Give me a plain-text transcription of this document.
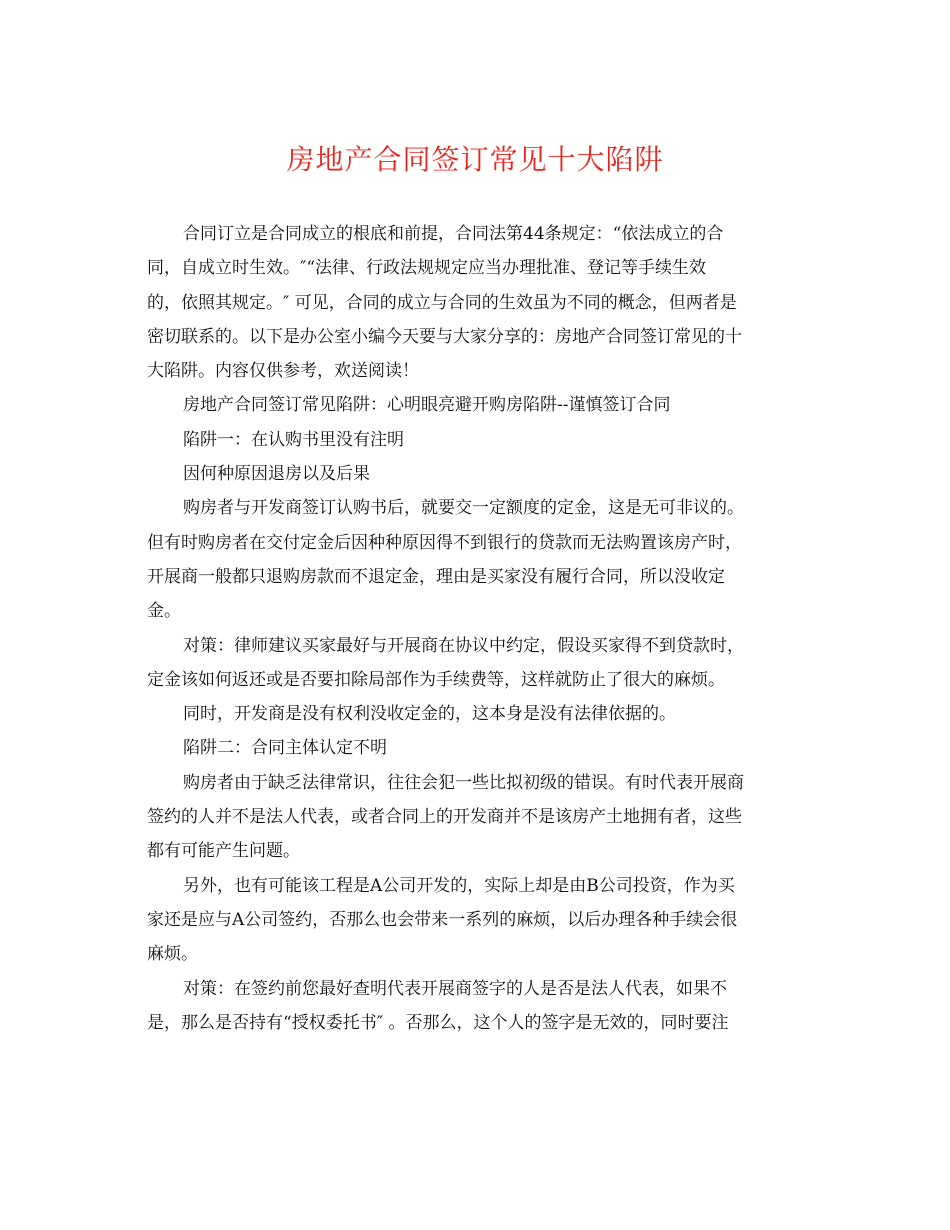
房地产合同签订常见十大陷阱
合同订立是合同成立的根底和前提，合同法第44条规定：“依法成立的合
同，自成立时生效。″“法律、行政法规规定应当办理批准、登记等手续生效
的，依照其规定。″ 可见，合同的成立与合同的生效虽为不同的概念，但两者是
密切联系的。以下是办公室小编今天要与大家分享的：房地产合同签订常见的十
大陷阱。内容仅供参考，欢送阅读！
房地产合同签订常见陷阱：心明眼亮避开购房陷阱--谨慎签订合同
陷阱一：在认购书里没有注明
因何种原因退房以及后果
购房者与开发商签订认购书后，就要交一定额度的定金，这是无可非议的。
但有时购房者在交付定金后因种种原因得不到银行的贷款而无法购置该房产时，
开展商一般都只退购房款而不退定金，理由是买家没有履行合同，所以没收定
金。
对策：律师建议买家最好与开展商在协议中约定，假设买家得不到贷款时，
定金该如何返还或是否要扣除局部作为手续费等，这样就防止了很大的麻烦。
同时，开发商是没有权利没收定金的，这本身是没有法律依据的。
陷阱二：合同主体认定不明
购房者由于缺乏法律常识，往往会犯一些比拟初级的错误。有时代表开展商
签约的人并不是法人代表，或者合同上的开发商并不是该房产土地拥有者，这些
都有可能产生问题。
另外，也有可能该工程是A公司开发的，实际上却是由B公司投资，作为买
家还是应与A公司签约，否那么也会带来一系列的麻烦，以后办理各种手续会很
麻烦。
对策：在签约前您最好查明代表开展商签字的人是否是法人代表，如果不
是，那么是否持有“授权委托书″ 。否那么，这个人的签字是无效的，同时要注
